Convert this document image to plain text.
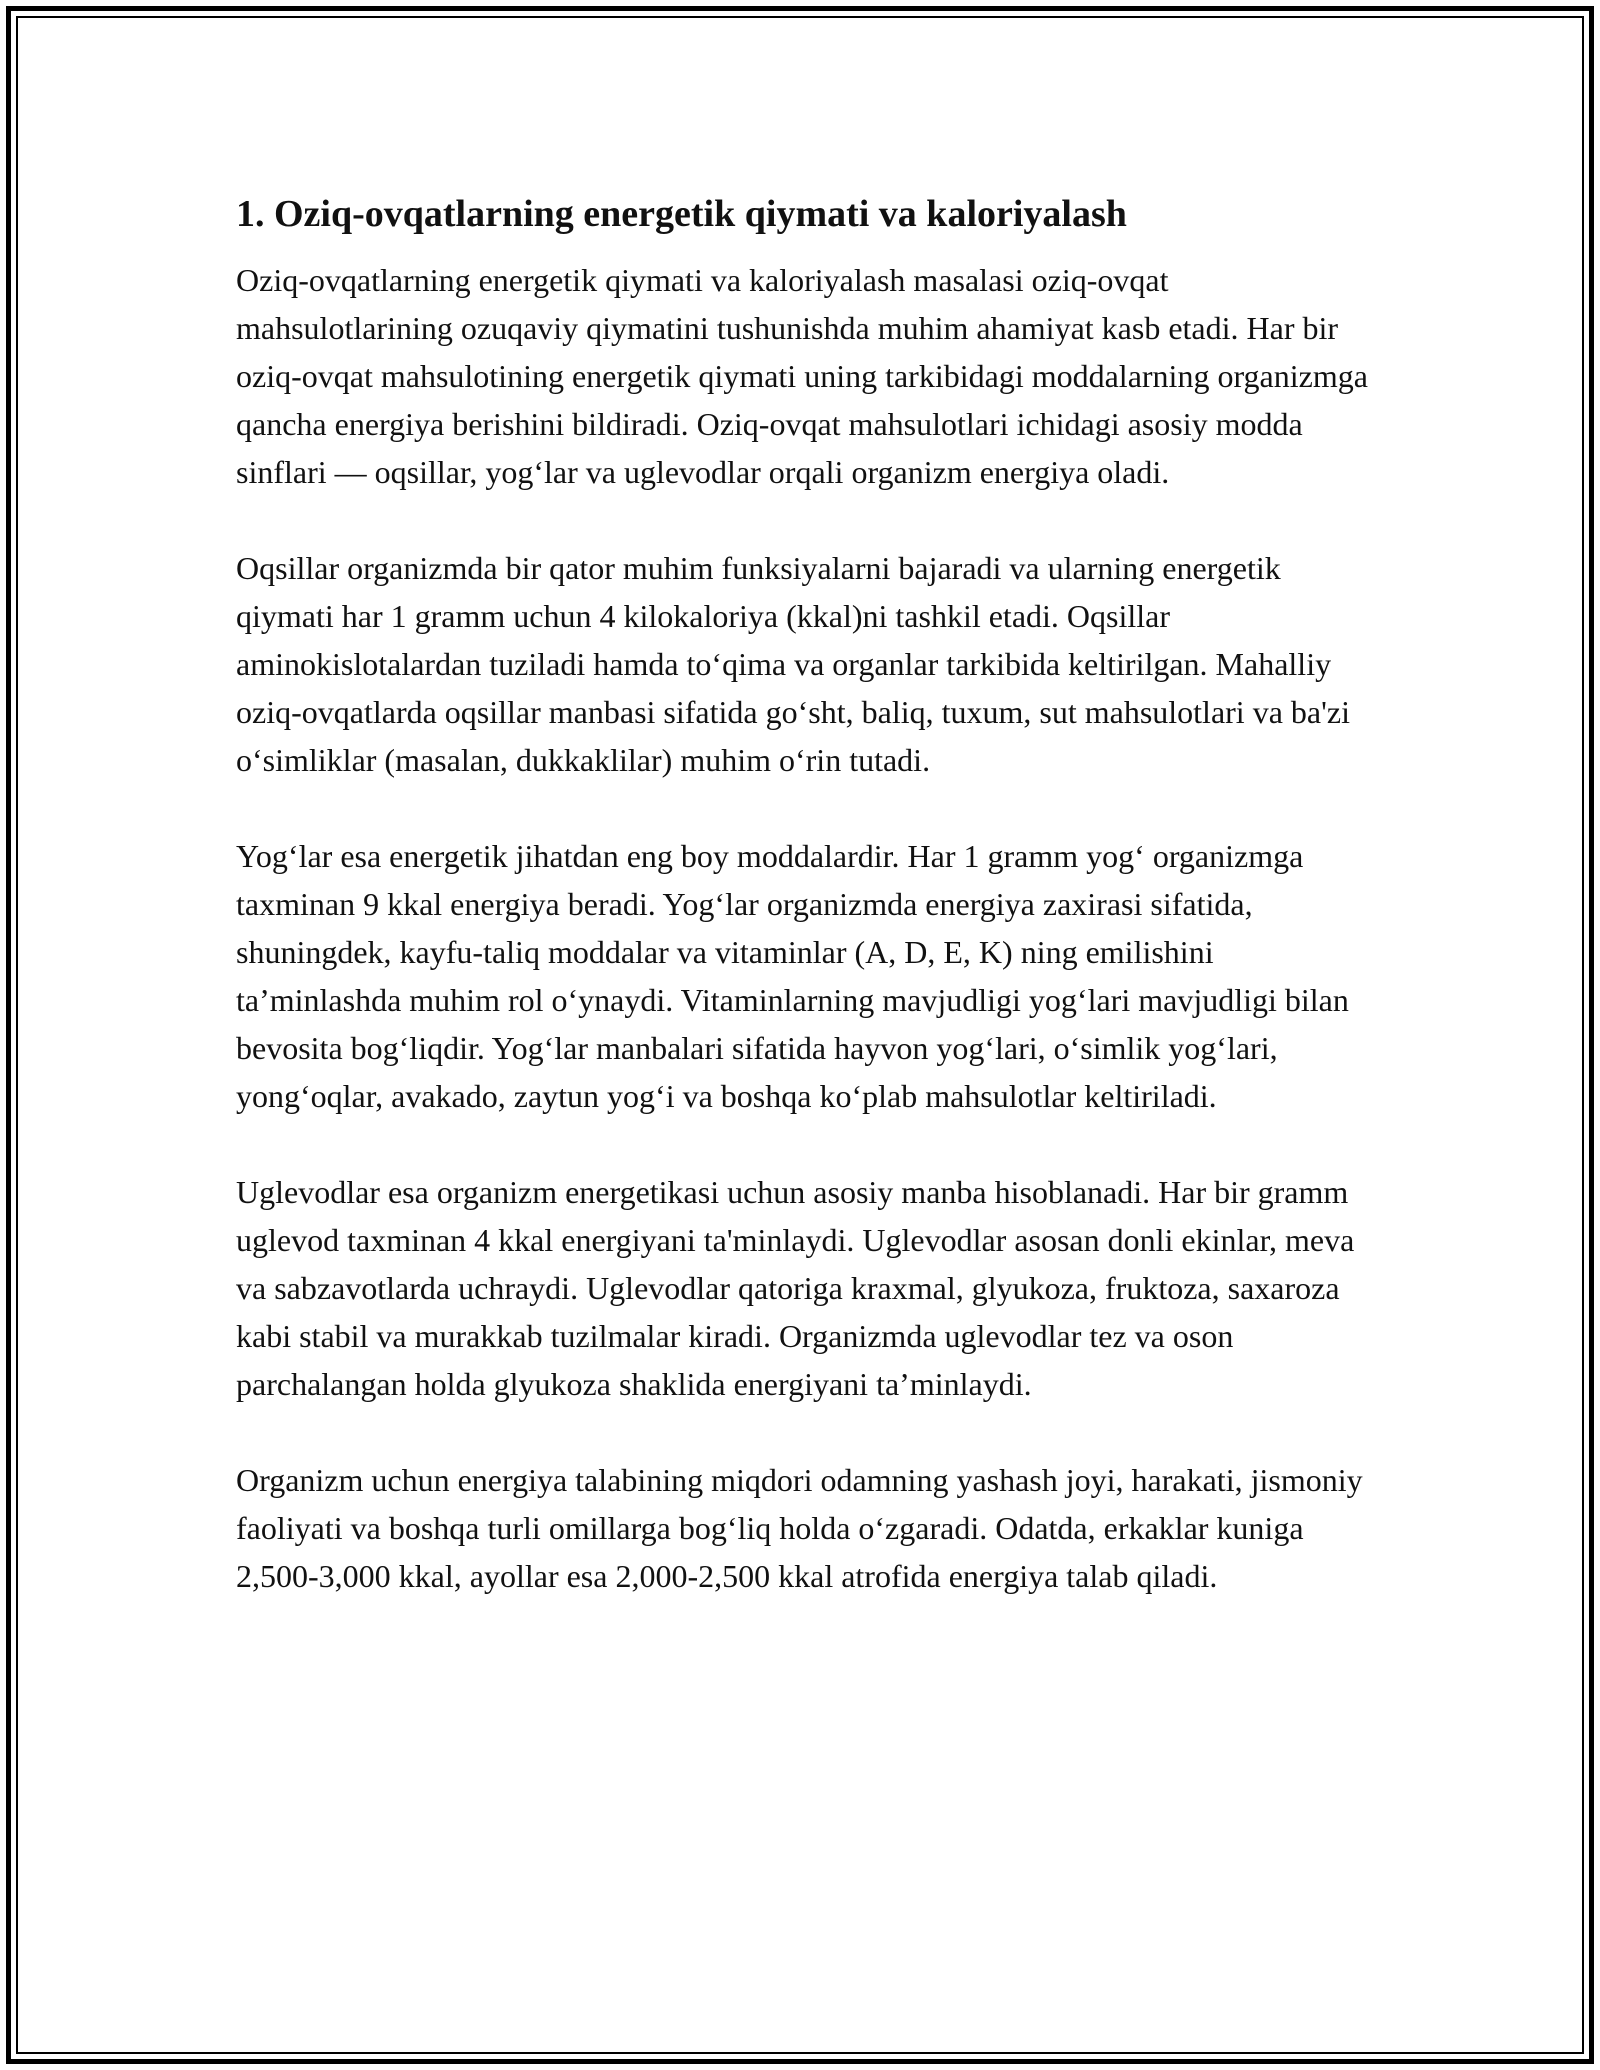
1. Oziq-ovqatlarning energetik qiymati va kaloriyalash

Oziq-ovqatlarning energetik qiymati va kaloriyalash masalasi oziq-ovqat mahsulotlarining ozuqaviy qiymatini tushunishda muhim ahamiyat kasb etadi. Har bir oziq-ovqat mahsulotining energetik qiymati uning tarkibidagi moddalarning organizmga qancha energiya berishini bildiradi. Oziq-ovqat mahsulotlari ichidagi asosiy modda sinflari — oqsillar, yog‘lar va uglevodlar orqali organizm energiya oladi.

Oqsillar organizmda bir qator muhim funksiyalarni bajaradi va ularning energetik qiymati har 1 gramm uchun 4 kilokaloriya (kkal)ni tashkil etadi. Oqsillar aminokislotalardan tuziladi hamda to‘qima va organlar tarkibida keltirilgan. Mahalliy oziq-ovqatlarda oqsillar manbasi sifatida go‘sht, baliq, tuxum, sut mahsulotlari va ba'zi o‘simliklar (masalan, dukkaklilar) muhim o‘rin tutadi.

Yog‘lar esa energetik jihatdan eng boy moddalardir. Har 1 gramm yog‘ organizmga taxminan 9 kkal energiya beradi. Yog‘lar organizmda energiya zaxirasi sifatida, shuningdek, kayfu-taliq moddalar va vitaminlar (A, D, E, K) ning emilishini ta’minlashda muhim rol o‘ynaydi. Vitaminlarning mavjudligi yog‘lari mavjudligi bilan bevosita bog‘liqdir. Yog‘lar manbalari sifatida hayvon yog‘lari, o‘simlik yog‘lari, yong‘oqlar, avakado, zaytun yog‘i va boshqa ko‘plab mahsulotlar keltiriladi.

Uglevodlar esa organizm energetikasi uchun asosiy manba hisoblanadi. Har bir gramm uglevod taxminan 4 kkal energiyani ta'minlaydi. Uglevodlar asosan donli ekinlar, meva va sabzavotlarda uchraydi. Uglevodlar qatoriga kraxmal, glyukoza, fruktoza, saxaroza kabi stabil va murakkab tuzilmalar kiradi. Organizmda uglevodlar tez va oson parchalangan holda glyukoza shaklida energiyani ta’minlaydi.

Organizm uchun energiya talabining miqdori odamning yashash joyi, harakati, jismoniy faoliyati va boshqa turli omillarga bog‘liq holda o‘zgaradi. Odatda, erkaklar kuniga 2,500-3,000 kkal, ayollar esa 2,000-2,500 kkal atrofida energiya talab qiladi.
